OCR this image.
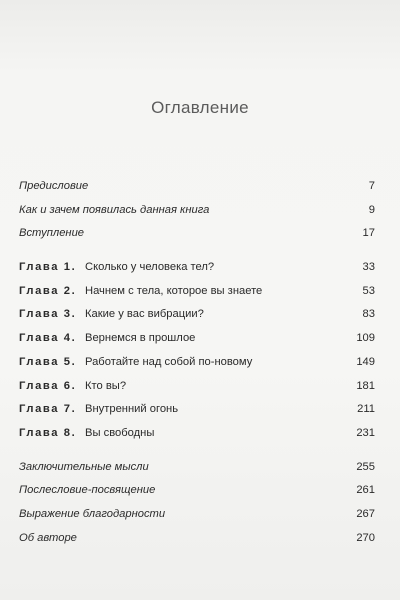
Оглавление
Предисловие	7
Как и зачем появилась данная книга	9
Вступление	17
Глава 1. Сколько у человека тел?	33
Глава 2. Начнем с тела, которое вы знаете	53
Глава 3. Какие у вас вибрации?	83
Глава 4. Вернемся в прошлое	109
Глава 5. Работайте над собой по-новому	149
Глава 6. Кто вы?	181
Глава 7. Внутренний огонь	211
Глава 8. Вы свободны	231
Заключительные мысли	255
Послесловие-посвящение	261
Выражение благодарности	267
Об авторе	270
